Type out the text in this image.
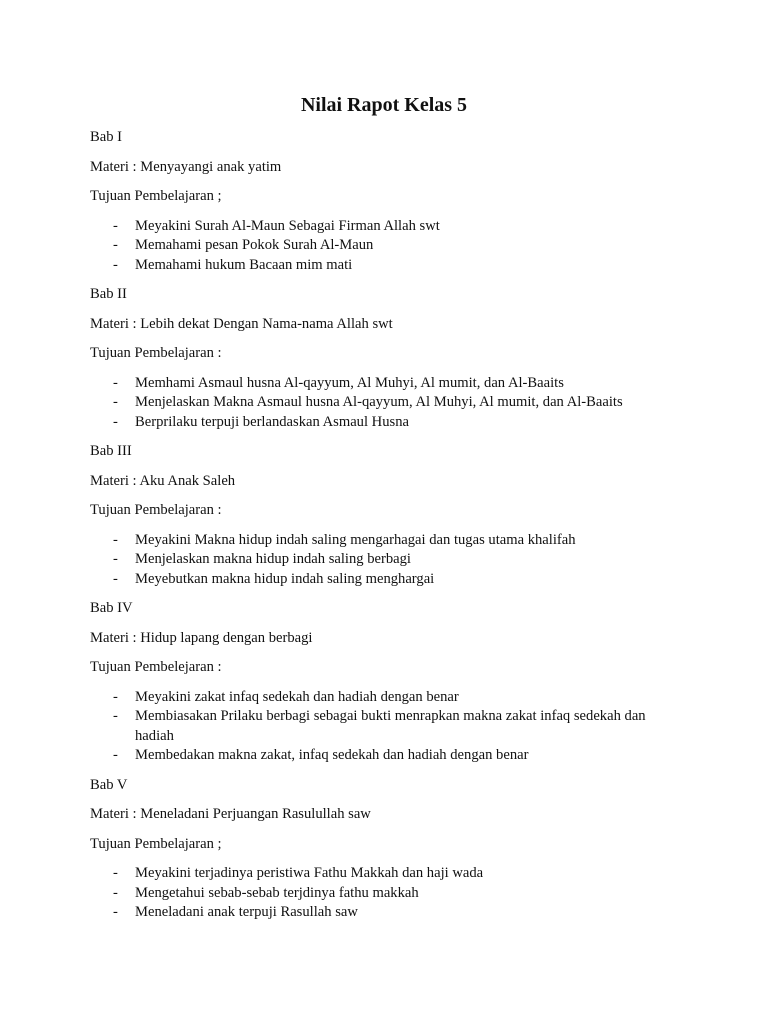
Nilai Rapot Kelas 5

Bab I

Materi : Menyayangi anak yatim

Tujuan Pembelajaran ;

- Meyakini Surah Al-Maun Sebagai Firman Allah swt
- Memahami pesan Pokok Surah Al-Maun
- Memahami hukum Bacaan mim mati

Bab II

Materi : Lebih dekat Dengan Nama-nama Allah swt

Tujuan Pembelajaran :

- Memhami Asmaul husna Al-qayyum, Al Muhyi, Al mumit, dan Al-Baaits
- Menjelaskan Makna Asmaul husna Al-qayyum, Al Muhyi, Al mumit, dan Al-Baaits
- Berprilaku terpuji berlandaskan Asmaul Husna

Bab III

Materi : Aku Anak Saleh

Tujuan Pembelajaran :

- Meyakini Makna hidup indah saling mengarhagai dan tugas utama khalifah
- Menjelaskan makna hidup indah saling berbagi
- Meyebutkan makna hidup indah saling menghargai

Bab IV

Materi : Hidup lapang dengan berbagi

Tujuan Pembelejaran :

- Meyakini zakat infaq sedekah dan hadiah dengan benar
- Membiasakan Prilaku berbagi sebagai bukti menrapkan makna zakat infaq sedekah dan hadiah
- Membedakan makna zakat, infaq sedekah dan hadiah dengan benar

Bab V

Materi : Meneladani Perjuangan Rasulullah saw

Tujuan Pembelajaran ;

- Meyakini terjadinya peristiwa Fathu Makkah dan haji wada
- Mengetahui sebab-sebab terjdinya fathu makkah
- Meneladani anak terpuji Rasullah saw
